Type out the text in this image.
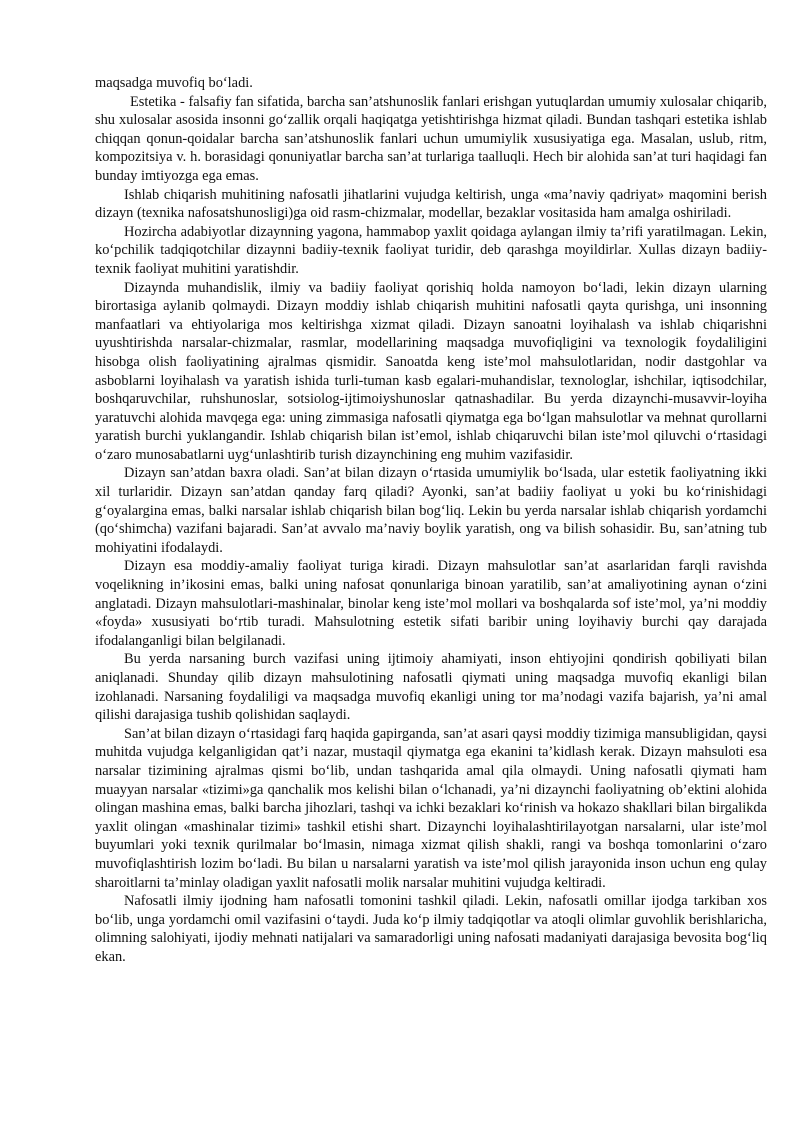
maqsadga muvofiq bo‘ladi.

Estetika - falsafiy fan sifatida, barcha san’atshunoslik fanlari erishgan yutuqlardan umumiy xulosalar chiqarib, shu xulosalar asosida insonni go‘zallik orqali haqiqatga yetishtirishga hizmat qiladi. Bundan tashqari estetika ishlab chiqqan qonun-qoidalar barcha san’atshunoslik fanlari uchun umumiylik xususiyatiga ega. Masalan, uslub, ritm, kompozitsiya v. h. borasidagi qonuniyatlar barcha san’at turlariga taalluqli. Hech bir alohida san’at turi haqidagi fan bunday imtiyozga ega emas.

Ishlab chiqarish muhitining nafosatli jihatlarini vujudga keltirish, unga «ma’naviy qadriyat» maqomini berish dizayn (texnika nafosatshunosligi)ga oid rasm-chizmalar, modellar, bezaklar vositasida ham amalga oshiriladi.

Hozircha adabiyotlar dizaynning yagona, hammabop yaxlit qoidaga aylangan ilmiy ta’rifi yaratilmagan. Lekin, ko‘pchilik tadqiqotchilar dizaynni badiiy-texnik faoliyat turidir, deb qarashga moyildirlar. Xullas dizayn badiiy-texnik faoliyat muhitini yaratishdir.

Dizaynda muhandislik, ilmiy va badiiy faoliyat qorishiq holda namoyon bo‘ladi, lekin dizayn ularning birortasiga aylanib qolmaydi. Dizayn moddiy ishlab chiqarish muhitini nafosatli qayta qurishga, uni insonning manfaatlari va ehtiyolariga mos keltirishga xizmat qiladi. Dizayn sanoatni loyihalash va ishlab chiqarishni uyushtirishda narsalar-chizmalar, rasmlar, modellarining maqsadga muvofiqligini va texnologik foydaliligini hisobga olish faoliyatining ajralmas qismidir. Sanoatda keng iste’mol mahsulotlaridan, nodir dastgohlar va asboblarni loyihalash va yaratish ishida turli-tuman kasb egalari-muhandislar, texnologlar, ishchilar, iqtisodchilar, boshqaruvchilar, ruhshunoslar, sotsiolog-ijtimoiyshunoslar qatnashadilar. Bu yerda dizaynchi-musavvir-loyiha yaratuvchi alohida mavqega ega: uning zimmasiga nafosatli qiymatga ega bo‘lgan mahsulotlar va mehnat qurollarni yaratish burchi yuklangandir. Ishlab chiqarish bilan ist’emol, ishlab chiqaruvchi bilan iste’mol qiluvchi o‘rtasidagi o‘zaro munosabatlarni uyg‘unlashtirib turish dizaynchining eng muhim vazifasidir.

Dizayn san’atdan baxra oladi. San’at bilan dizayn o‘rtasida umumiylik bo‘lsada, ular estetik faoliyatning ikki xil turlaridir. Dizayn san’atdan qanday farq qiladi? Ayonki, san’at badiiy faoliyat u yoki bu ko‘rinishidagi g‘oyalargina emas, balki narsalar ishlab chiqarish bilan bog‘liq. Lekin bu yerda narsalar ishlab chiqarish yordamchi (qo‘shimcha) vazifani bajaradi. San’at avvalo ma’naviy boylik yaratish, ong va bilish sohasidir. Bu, san’atning tub mohiyatini ifodalaydi.

Dizayn esa moddiy-amaliy faoliyat turiga kiradi. Dizayn mahsulotlar san’at asarlaridan farqli ravishda voqelikning in’ikosini emas, balki uning nafosat qonunlariga binoan yaratilib, san’at amaliyotining aynan o‘zini anglatadi. Dizayn mahsulotlari-mashinalar, binolar keng iste’mol mollari va boshqalarda sof iste’mol, ya’ni moddiy «foyda» xususiyati bo‘rtib turadi. Mahsulotning estetik sifati baribir uning loyihaviy burchi qay darajada ifodalanganligi bilan belgilanadi.

Bu yerda narsaning burch vazifasi uning ijtimoiy ahamiyati, inson ehtiyojini qondirish qobiliyati bilan aniqlanadi. Shunday qilib dizayn mahsulotining nafosatli qiymati uning maqsadga muvofiq ekanligi bilan izohlanadi. Narsaning foydaliligi va maqsadga muvofiq ekanligi uning tor ma’nodagi vazifa bajarish, ya’ni amal qilishi darajasiga tushib qolishidan saqlaydi.

San’at bilan dizayn o‘rtasidagi farq haqida gapirganda, san’at asari qaysi moddiy tizimiga mansubligidan, qaysi muhitda vujudga kelganligidan qat’i nazar, mustaqil qiymatga ega ekanini ta’kidlash kerak. Dizayn mahsuloti esa narsalar tizimining ajralmas qismi bo‘lib, undan tashqarida amal qila olmaydi. Uning nafosatli qiymati ham muayyan narsalar «tizimi»ga qanchalik mos kelishi bilan o‘lchanadi, ya’ni dizaynchi faoliyatning ob’ektini alohida olingan mashina emas, balki barcha jihozlari, tashqi va ichki bezaklari ko‘rinish va hokazo shakllari bilan birgalikda yaxlit olingan «mashinalar tizimi» tashkil etishi shart. Dizaynchi loyihalashtirilayotgan narsalarni, ular iste’mol buyumlari yoki texnik qurilmalar bo‘lmasin, nimaga xizmat qilish shakli, rangi va boshqa tomonlarini o‘zaro muvofiqlashtirish lozim bo‘ladi. Bu bilan u narsalarni yaratish va iste’mol qilish jarayonida inson uchun eng qulay sharoitlarni ta’minlay oladigan yaxlit nafosatli molik narsalar muhitini vujudga keltiradi.

Nafosatli ilmiy ijodning ham nafosatli tomonini tashkil qiladi. Lekin, nafosatli omillar ijodga tarkiban xos bo‘lib, unga yordamchi omil vazifasini o‘taydi. Juda ko‘p ilmiy tadqiqotlar va atoqli olimlar guvohlik berishlaricha, olimning salohiyati, ijodiy mehnati natijalari va samaradorligi uning nafosati madaniyati darajasiga bevosita bog‘liq ekan.
